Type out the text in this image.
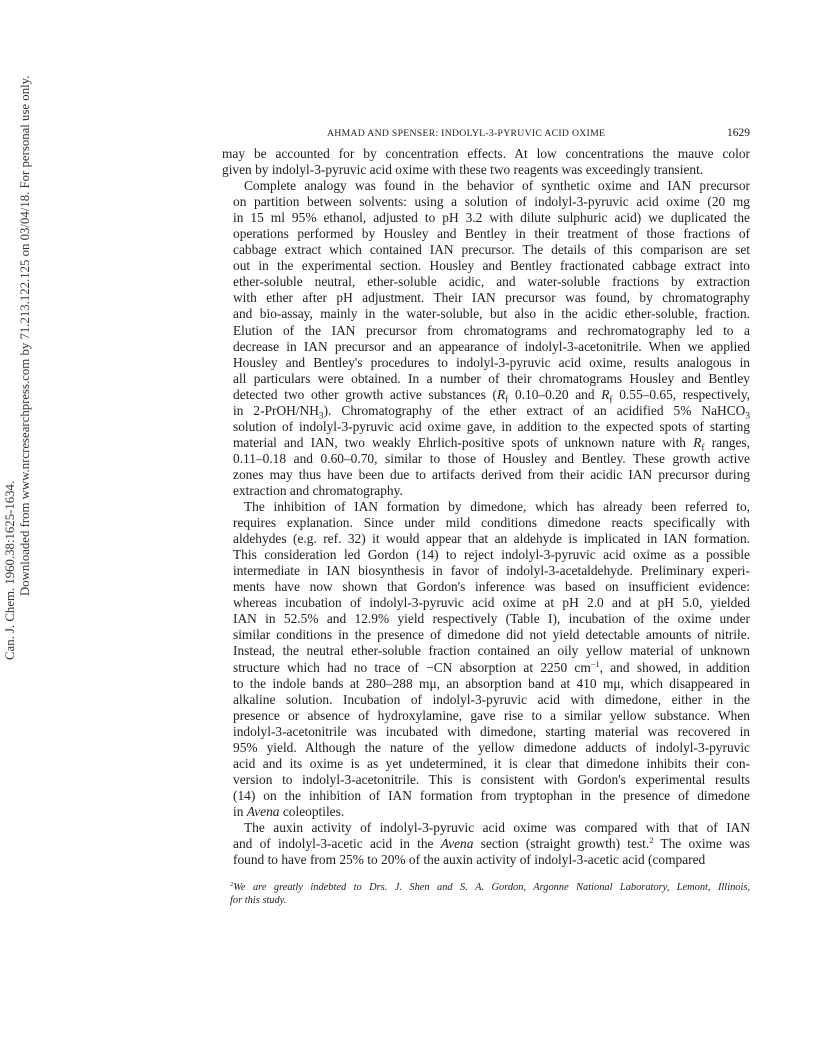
Can. J. Chem. 1960.38:1625-1634. Downloaded from www.nrcresearchpress.com by 71.213.122.125 on 03/04/18. For personal use only.	AHMAD AND SPENSER: INDOLYL-3-PYRUVIC ACID OXIME	1629

may be accounted for by concentration effects. At low concentrations the mauve color
given by indolyl-3-pyruvic acid oxime with these two reagents was exceedingly transient.

Complete analogy was found in the behavior of synthetic oxime and IAN precursor
on partition between solvents: using a solution of indolyl-3-pyruvic acid oxime (20 mg
in 15 ml 95% ethanol, adjusted to pH 3.2 with dilute sulphuric acid) we duplicated the
operations performed by Housley and Bentley in their treatment of those fractions of
cabbage extract which contained IAN precursor. The details of this comparison are set
out in the experimental section. Housley and Bentley fractionated cabbage extract into
ether-soluble neutral, ether-soluble acidic, and water-soluble fractions by extraction
with ether after pH adjustment. Their IAN precursor was found, by chromatography
and bio-assay, mainly in the water-soluble, but also in the acidic ether-soluble, fraction.
Elution of the IAN precursor from chromatograms and rechromatography led to a
decrease in IAN precursor and an appearance of indolyl-3-acetonitrile. When we applied
Housley and Bentley's procedures to indolyl-3-pyruvic acid oxime, results analogous in
all particulars were obtained. In a number of their chromatograms Housley and Bentley
detected two other growth active substances ($R_f$ 0.10–0.20 and $R_f$ 0.55–0.65, respectively,
in $2-PrOH/NH_3$). Chromatography of the ether extract of an acidified 5% NaHCO$_3$
solution of indolyl-3-pyruvic acid oxime gave, in addition to the expected spots of starting
material and IAN, two weakly Ehrlich-positive spots of unknown nature with $R_f$ ranges,
0.11–0.18 and 0.60–0.70, similar to those of Housley and Bentley. These growth active
zones may thus have been due to artifacts derived from their acidic IAN precursor during
extraction and chromatography.

The inhibition of IAN formation by dimedone, which has already been referred to,
requires explanation. Since under mild conditions dimedone reacts specifically with
aldehydes (e.g. ref. 32) it would appear that an aldehyde is implicated in IAN formation.
This consideration led Gordon (14) to reject indolyl-3-pyruvic acid oxime as a possible
intermediate in IAN biosynthesis in favor of indolyl-3-acetaldehyde. Preliminary experi-
ments have now shown that Gordon's inference was based on insufficient evidence:
whereas incubation of indolyl-3-pyruvic acid oxime at pH 2.0 and at pH 5.0, yielded
IAN in 52.5% and 12.9% yield respectively (Table I), incubation of the oxime under
similar conditions in the presence of dimedone did not yield detectable amounts of nitrile.
Instead, the neutral ether-soluble fraction contained an oily yellow material of unknown
structure which had no trace of −CN absorption at 2250 $cm^{-1}$, and showed, in addition
to the indole bands at 280–288 mμ, an absorption band at 410 mμ, which disappeared in
alkaline solution. Incubation of indolyl-3-pyruvic acid with dimedone, either in the
presence or absence of hydroxylamine, gave rise to a similar yellow substance. When
indolyl-3-acetonitrile was incubated with dimedone, starting material was recovered in
95% yield. Although the nature of the yellow dimedone adducts of indolyl-3-pyruvic
acid and its oxime is as yet undetermined, it is clear that dimedone inhibits their con-
version to indolyl-3-acetonitrile. This is consistent with Gordon's experimental results
(14) on the inhibition of IAN formation from tryptophan in the presence of dimedone
in Avena coleoptiles.

The auxin activity of indolyl-3-pyruvic acid oxime was compared with that of IAN
and of indolyl-3-acetic acid in the Avena section (straight growth) test.$^2$ The oxime was
found to have from 25% to 20% of the auxin activity of indolyl-3-acetic acid (compared

$^2$We are greatly indebted to Drs. J. Shen and S. A. Gordon, Argonne National Laboratory, Lemont, Illinois,
for this study.
